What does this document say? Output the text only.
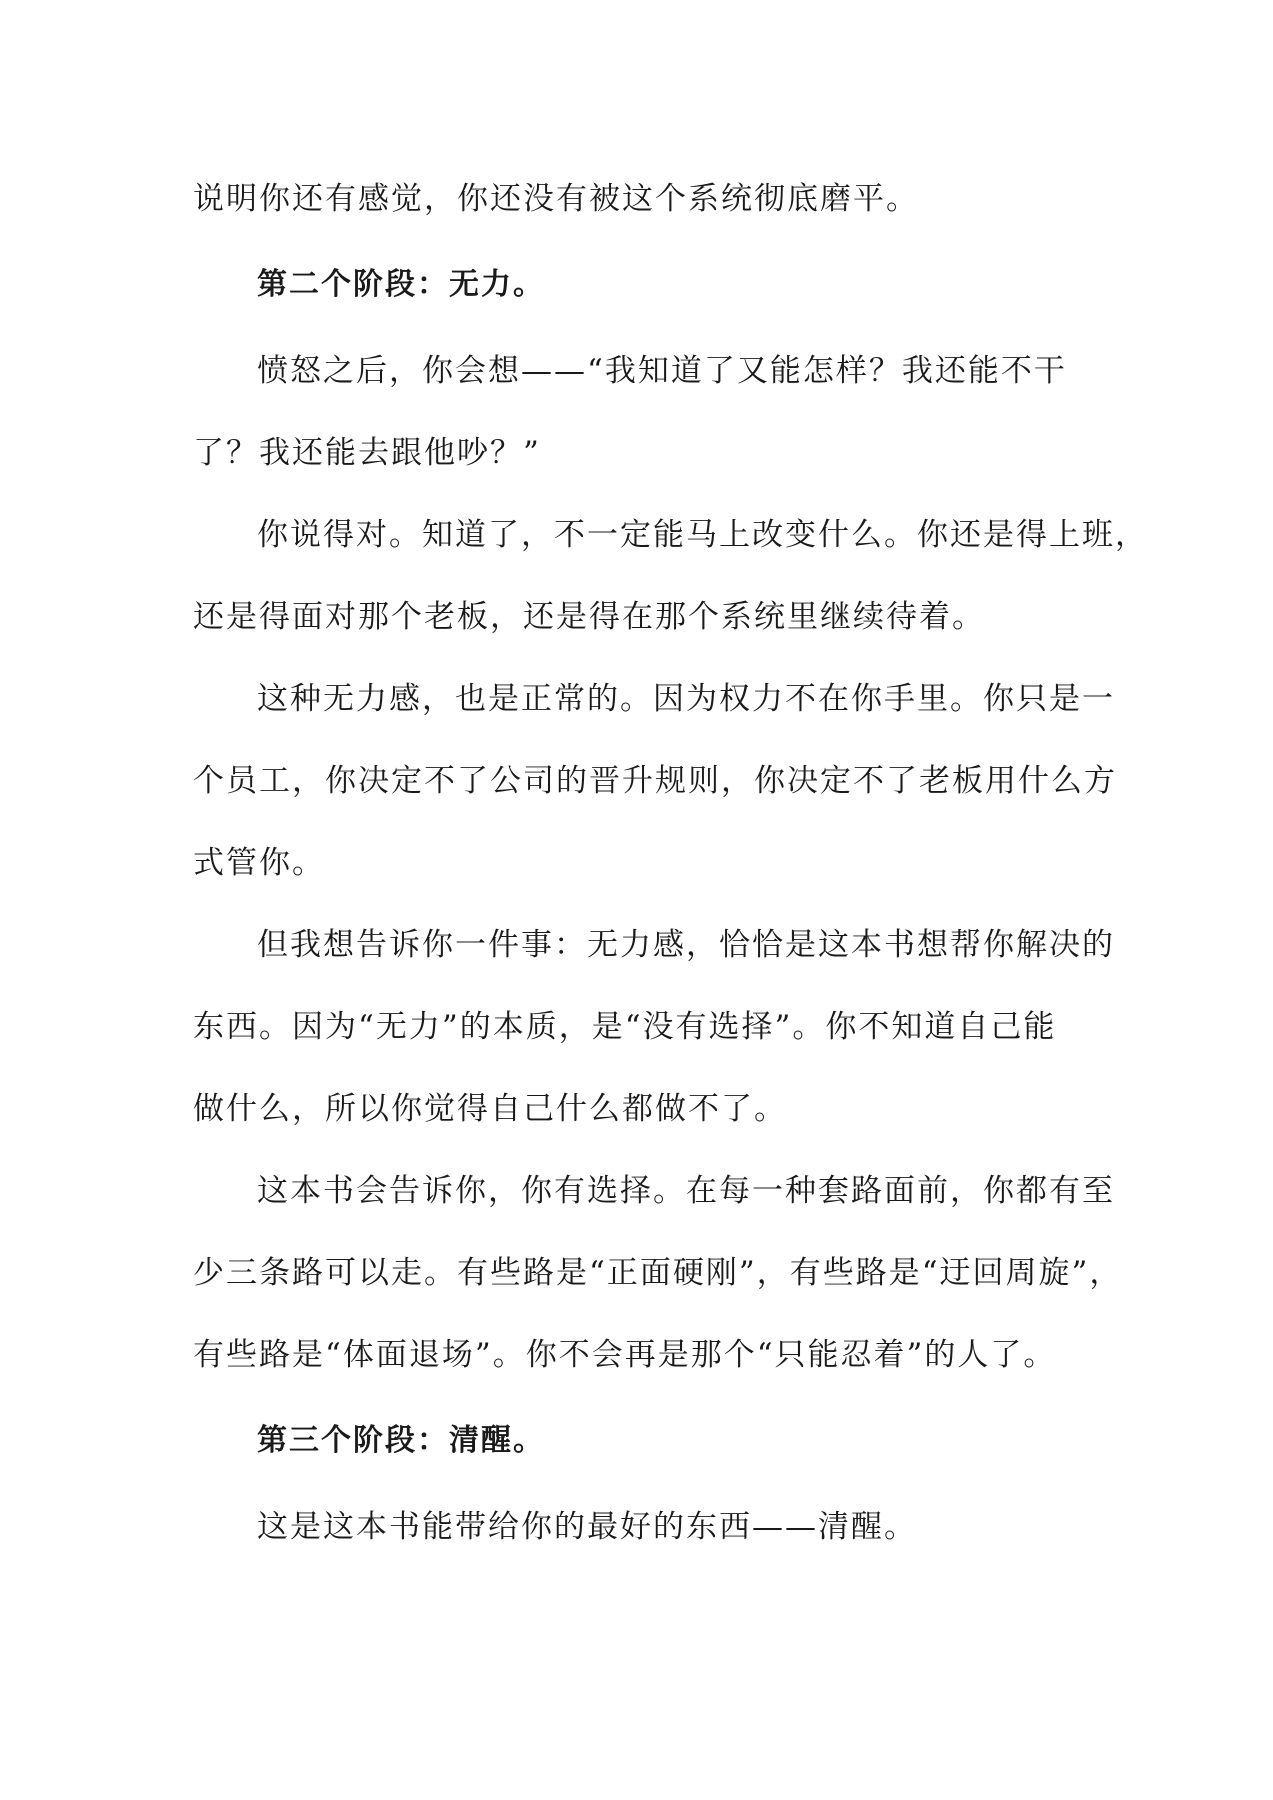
说明你还有感觉，你还没有被这个系统彻底磨平。
第二个阶段：无力。
愤怒之后，你会想——“我知道了又能怎样？我还能不干
了？我还能去跟他吵？”
你说得对。知道了，不一定能马上改变什么。你还是得上班，
还是得面对那个老板，还是得在那个系统里继续待着。
这种无力感，也是正常的。因为权力不在你手里。你只是一
个员工，你决定不了公司的晋升规则，你决定不了老板用什么方
式管你。
但我想告诉你一件事：无力感，恰恰是这本书想帮你解决的
东西。因为“无力”的本质，是“没有选择”。你不知道自己能
做什么，所以你觉得自己什么都做不了。
这本书会告诉你，你有选择。在每一种套路面前，你都有至
少三条路可以走。有些路是“正面硬刚”，有些路是“迂回周旋”，
有些路是“体面退场”。你不会再是那个“只能忍着”的人了。
第三个阶段：清醒。
这是这本书能带给你的最好的东西——清醒。
